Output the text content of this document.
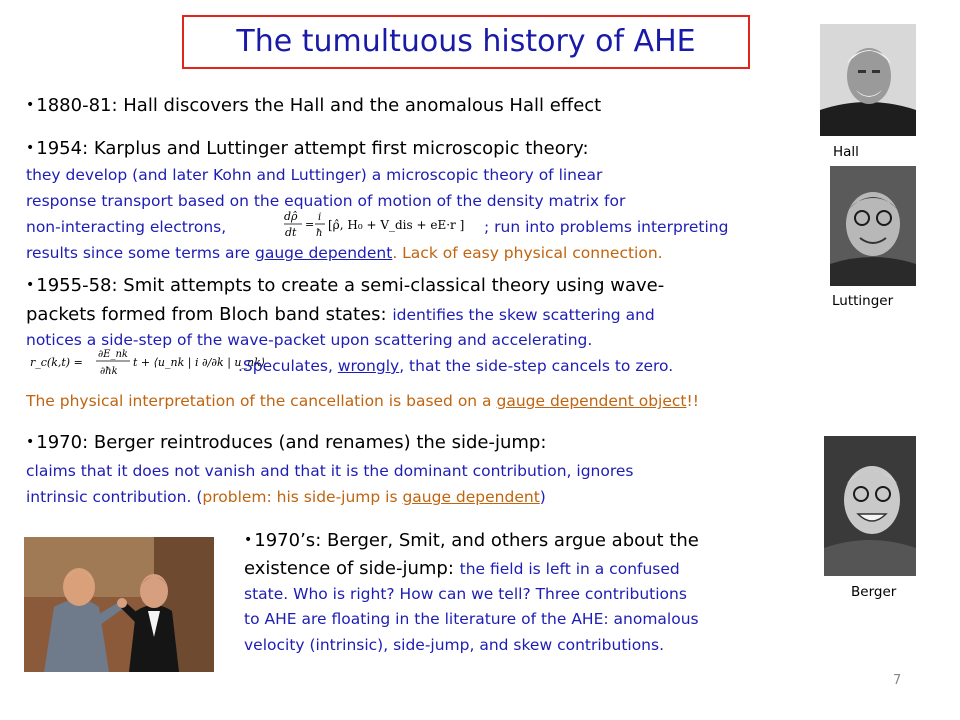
The tumultuous history of AHE
• 1880-81: Hall discovers the Hall and the anomalous Hall effect
• 1954: Karplus and Luttinger attempt first microscopic theory:
they develop (and later Kohn and Luttinger) a microscopic theory of linear
response transport based on the equation of motion of the density matrix for
non-interacting electrons,
dρ̂
dt
=
i
ħ
[ρ̂, H₀ + V_dis + eE·r ] ; run into problems interpreting
results since some terms are gauge dependent. Lack of easy physical connection.
• 1955-58: Smit attempts to create a semi-classical theory using wave-
packets formed from Bloch band states: identifies the skew scattering and
notices a side-step of the wave-packet upon scattering and accelerating.
r_c(k,t) =
∂E_nk
∂ħk
t + ⟨u_nk | i ∂/∂k | u_nk⟩
.Speculates, wrongly, that the side-step cancels to zero.
The physical interpretation of the cancellation is based on a gauge dependent object!!
• 1970: Berger reintroduces (and renames) the side-jump:
claims that it does not vanish and that it is the dominant contribution, ignores
intrinsic contribution. (problem: his side-jump is gauge dependent)
• 1970’s: Berger, Smit, and others argue about the
existence of side-jump: the field is left in a confused
state. Who is right? How can we tell? Three contributions
to AHE are floating in the literature of the AHE: anomalous
velocity (intrinsic), side-jump, and skew contributions.
Hall
Luttinger
Berger
7
